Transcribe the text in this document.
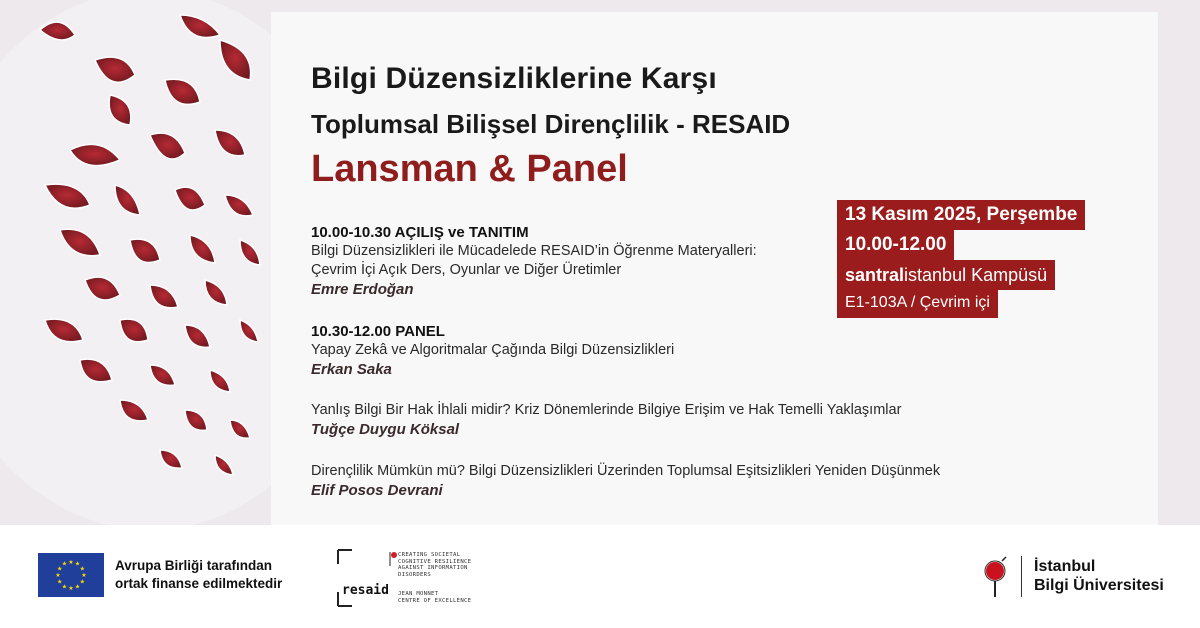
Bilgi Düzensizliklerine Karşı
Toplumsal Bilişsel Dirençlilik - RESAID
Lansman & Panel
10.00-10.30 AÇILIŞ ve TANITIM
Bilgi Düzensizlikleri ile Mücadelede RESAID’in Öğrenme Materyalleri:
Çevrim İçi Açık Ders, Oyunlar ve Diğer Üretimler
Emre Erdoğan
10.30-12.00 PANEL
Yapay Zekâ ve Algoritmalar Çağında Bilgi Düzensizlikleri
Erkan Saka
Yanlış Bilgi Bir Hak İhlali midir? Kriz Dönemlerinde Bilgiye Erişim ve Hak Temelli Yaklaşımlar
Tuğçe Duygu Köksal
Dirençlilik Mümkün mü? Bilgi Düzensizlikleri Üzerinden Toplumsal Eşitsizlikleri Yeniden Düşünmek
Elif Posos Devrani
13 Kasım 2025, Perşembe
10.00-12.00
santralistanbul Kampüsü
E1-103A / Çevrim içi
★
★
★
★
★
★
★
★
★ ★ ★
★ Avrupa Birliği tarafından
ortak finanse edilmektedir	resaid
CREATING SOCIETAL
COGNITIVE RESILIENCE
AGAINST INFORMATION
DISORDERS
JEAN MONNET
CENTRE OF EXCELLENCE
İstanbul
Bilgi Üniversitesi
